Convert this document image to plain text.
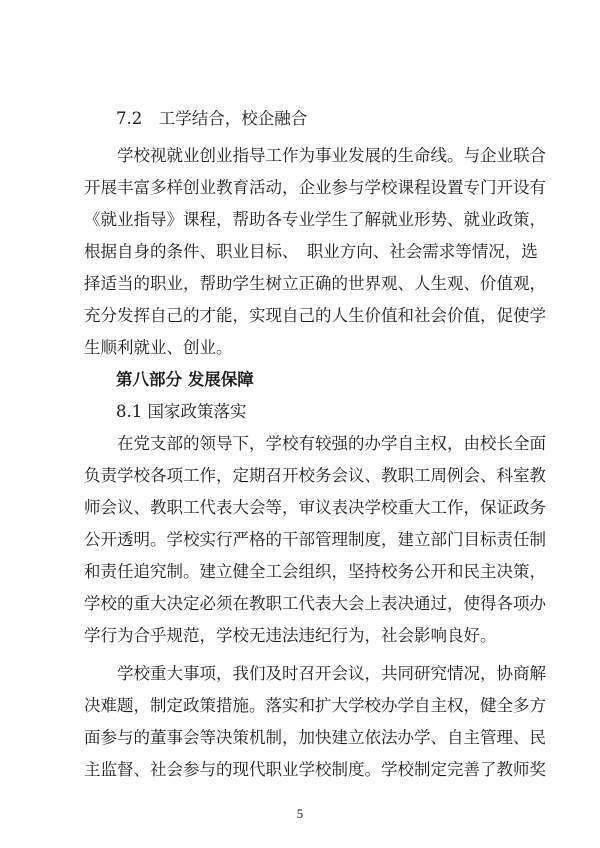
7.2　工学结合，校企融合
　　学校视就业创业指导工作为事业发展的生命线。与企业联合
开展丰富多样创业教育活动，企业参与学校课程设置专门开设有
《就业指导》课程，帮助各专业学生了解就业形势、就业政策，
根据自身的条件、职业目标、　职业方向、社会需求等情况，选
择适当的职业，帮助学生树立正确的世界观、人生观、价值观，
充分发挥自己的才能，实现自己的人生价值和社会价值，促使学
生顺利就业、创业。
第八部分 发展保障
8.1 国家政策落实
　　在党支部的领导下，学校有较强的办学自主权，由校长全面
负责学校各项工作，定期召开校务会议、教职工周例会、科室教
师会议、教职工代表大会等，审议表决学校重大工作，保证政务
公开透明。学校实行严格的干部管理制度，建立部门目标责任制
和责任追究制。建立健全工会组织，坚持校务公开和民主决策，
学校的重大决定必须在教职工代表大会上表决通过，使得各项办
学行为合乎规范，学校无违法违纪行为，社会影响良好。
　　学校重大事项，我们及时召开会议，共同研究情况，协商解
决难题，制定政策措施。落实和扩大学校办学自主权，健全多方
面参与的董事会等决策机制，加快建立依法办学、自主管理、民
主监督、社会参与的现代职业学校制度。学校制定完善了教师奖
5
